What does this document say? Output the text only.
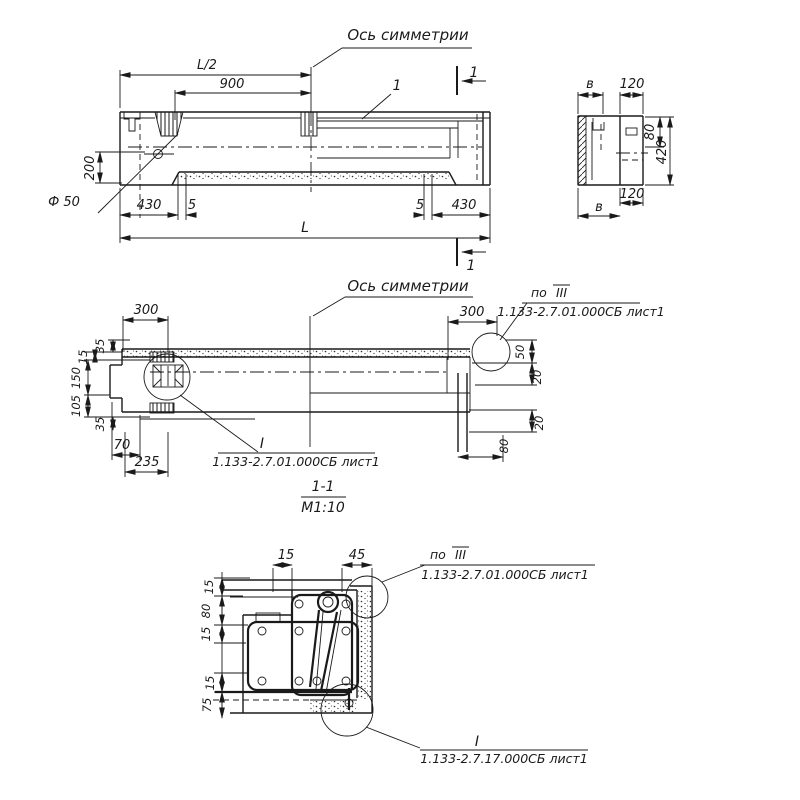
Ось симметрии
L/2
900	1
1
1
200
Ф 50	430 5	5 430
L
в 120
80
420
120
в
Ось симметрии
300
35
15
150
105
35
70
235
300
50
20
20
80
I
1.133-2.7.01.000СБ лист1
по III
1.133-2.7.01.000СБ лист1
1-1
М1:10
15	45
15
80
15
15
75
по III
1.133-2.7.01.000СБ лист1
I
1.133-2.7.17.000СБ лист1
